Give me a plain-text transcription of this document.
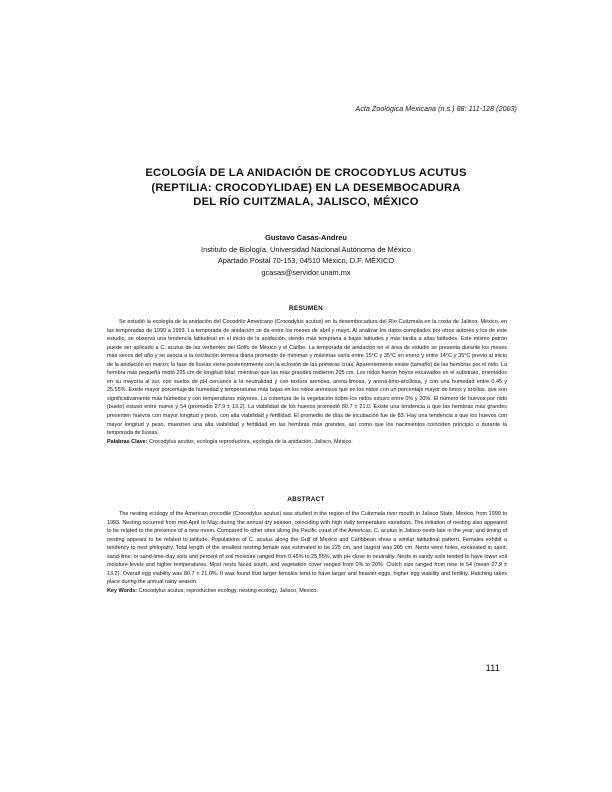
Acta Zoológica Mexicana (n.s.) 88: 111-128 (2003)
ECOLOGÍA DE LA ANIDACIÓN DE CROCODYLUS ACUTUS
(REPTILIA: CROCODYLIDAE) EN LA DESEMBOCADURA
DEL RÍO CUITZMALA, JALISCO, MÉXICO
Gustavo Casas-Andreu
Instituto de Biología, Universidad Nacional Autónoma de México
Apartado Postal 70-153, 04510 México, D.F. MÉXICO
gcasas@servidor.unam.mx
RESUMEN

Se estudió la ecología de la anidación del Cocodrilo Americano (Crocodylus acutus) en la desembocadura del Río Cuitzmala en la costa de Jalisco, México, en las temporadas de 1990 a 1993. La temporada de anidación se da entre los meses de abril y mayo. Al analizar los datos compilados por otros autores y los de este estudio, se observa una tendencia latitudinal en el inicio de la anidación, siendo más temprana a bajas latitudes y más tardía a altas latitudes. Este mismo patrón puede ser aplicado a C. acutus de las vertientes del Golfo de México y el Caribe. La temporada de anidación en el área de estudio se presenta durante los meses más secos del año y se asocia a la oscilación térmica diaria promedio de mínimas y máximas varía entre 15°C y 35°C en enero y entre 14°C y 35°C previo al inicio de la anidación en marzo; la fase de lluvias viene posteriormente con la eclosión de las primeras crías. Aparentemente existe (tamaño) de las hembras por el nido. La hembra más pequeña midió 225 cm de longitud total, mientras que las más grandes midieron 205 cm. Los nidos fueron hoyos excavados en el substrato, orientados en su mayoría al sur, con suelos de pH cercanos a la neutralidad y con textura arenosa, arena-limosa, y arena-limo-arcillosa, y con una humedad entre 0.45 y 25.55%. Existe mayor porcentaje de humedad y temperaturas más bajas en los nidos arenosos que en los nidos con un porcentaje mayor de limos y arcillas, que son significativamente más húmedos y con temperaturas mayores. La cobertura de la vegetación sobre los nidos estuvo entre 0% y 20%. El número de huevos por nido (bueto) estuvo entre nueve y 54 (promedio 27.9 ± 13.2). La viabilidad de los huevos promedió 80.7 ± 21.0. Existe una tendencia a que las hembras más grandes presenten huevos con mayor longitud y peso, con alta viabilidad y fertilidad. El promedio de días de incubación fue de 83. Hay una tendencia a que los huevos con mayor longitud y peso, muestren una alta viabilidad y fertilidad en las hembras más grandes, así como que los nacimientos coinciden principio o durante la temporada de lluvias.

Palabras Clave: Crocodylus acutus, ecología reproductora, ecología de la anidación, Jalisco, México.

ABSTRACT

The nesting ecology of the American crocodile (Crocodylus acutus) was studied in the region of the Cuitzmala river mouth in Jalisco State, Mexico, from 1990 to 1993. Nesting occurred from mid-April to May, during the annual dry season, coinciding with high daily temperature variations. The initiation of nesting also appeared to be related to the presence of a new moon. Compared to other sites along the Pacific coast of the Americas, C. acutus in Jalisco nests late in the year, and timing of nesting appears to be related to latitude. Populations of C. acutus along the Gulf of Mexico and Caribbean show a similar latitudinal pattern. Females exhibit a tendency to nest philopatry. Total length of the smallest nesting female was estimated to be 225 cm, and largest was 205 cm. Nests were holes, excavated in sand, sand-lime, or sand-lime-clay soils and percent of soil moisture ranged from 0.45% to 25.55%, with pH close to neutrality. Nests in sandy soils tended to have lower soil moisture levels and higher temperatures. Most nests faced south, and vegetation cover ranged from 0% to 20%. Clutch size ranged from nine to 54 (mean 27.9 ± 13.2). Overall egg viability was 80.7 ± 21.0%. It was found that larger females tend to have larger and heavier eggs, higher egg viability and fertility. Hatching takes place during the annual rainy season.

Key Words: Crocodylus acutus, reproductive ecology, nesting ecology, Jalisco, Mexico.

111
